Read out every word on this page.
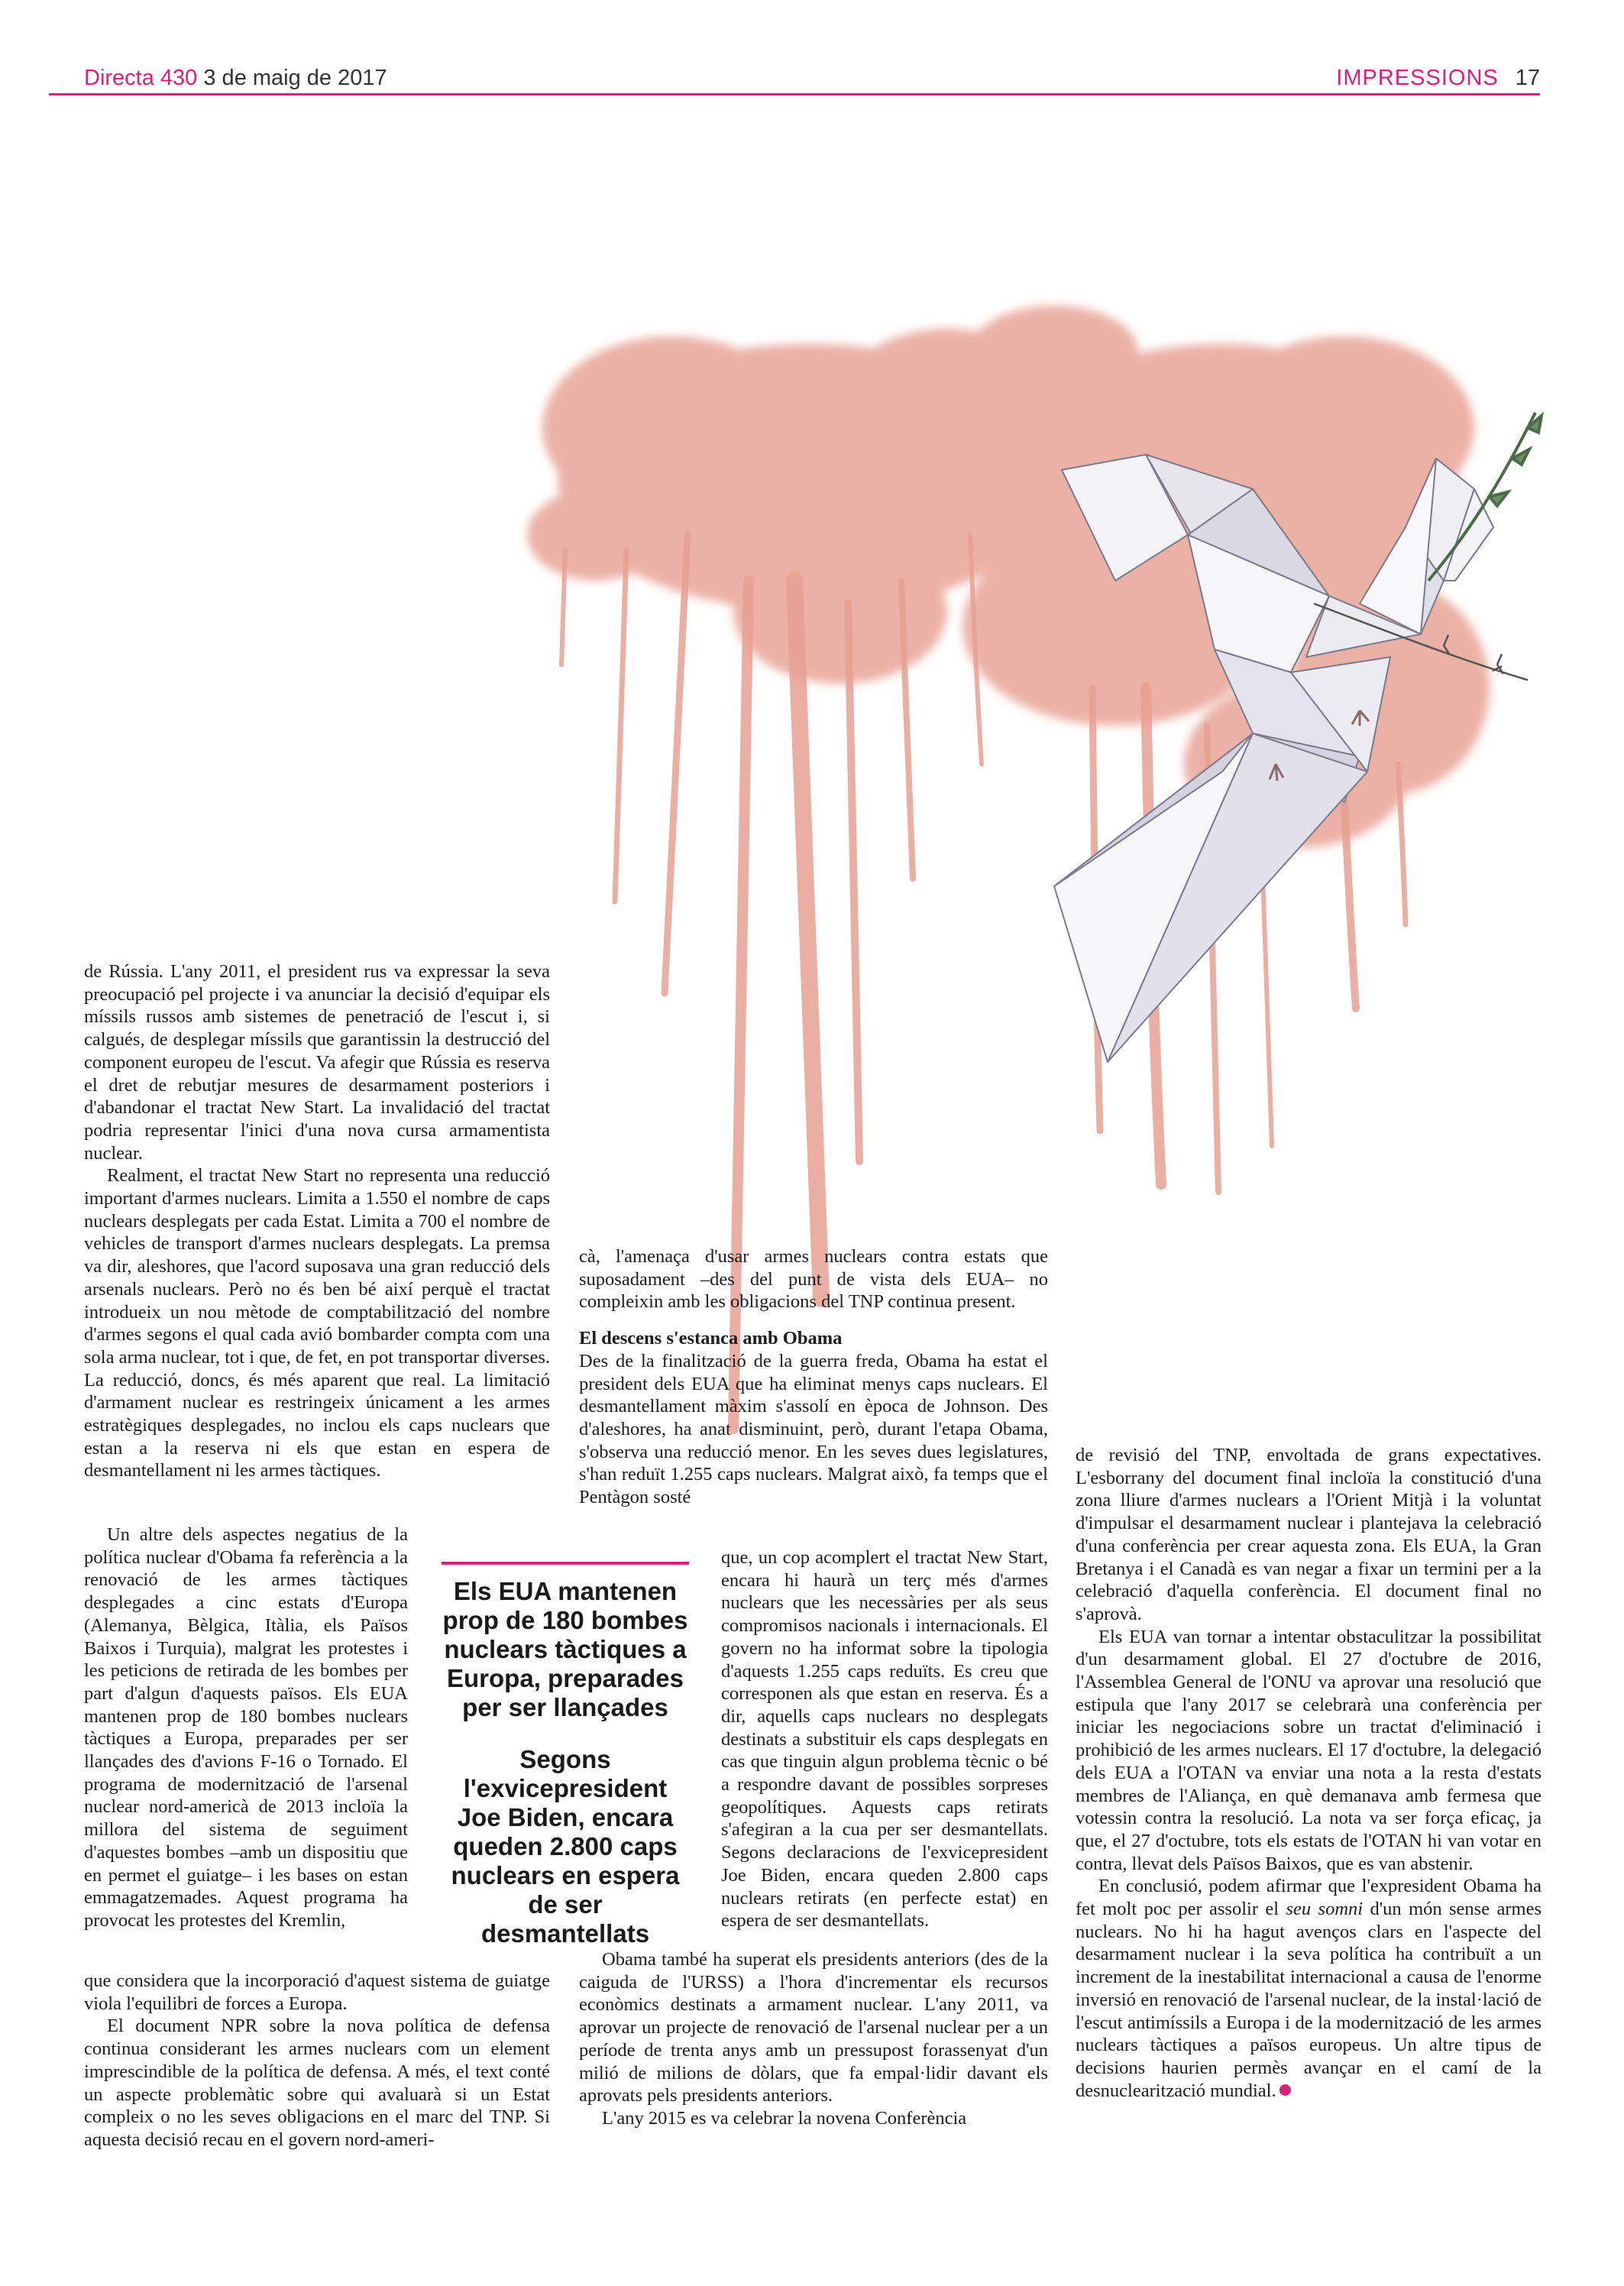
Directa 430 3 de maig de 2017	IMPRESSIONS 17

de Rússia. L'any 2011, el president rus va expressar la seva preocupació pel projecte i va anunciar la decisió d'equipar els míssils russos amb sistemes de penetració de l'escut i, si calgués, de desplegar míssils que garantissin la destrucció del component europeu de l'escut. Va afegir que Rússia es reserva el dret de rebutjar mesures de desarmament posteriors i d'abandonar el tractat New Start. La invalidació del tractat podria representar l'inici d'una nova cursa armamentista nuclear.

Realment, el tractat New Start no representa una reducció important d'armes nuclears. Limita a 1.550 el nombre de caps nuclears desplegats per cada Estat. Limita a 700 el nombre de vehicles de transport d'armes nuclears desplegats. La premsa va dir, aleshores, que l'acord suposava una gran reducció dels arsenals nuclears. Però no és ben bé així perquè el tractat introdueix un nou mètode de comptabilització del nombre d'armes segons el qual cada avió bombarder compta com una sola arma nuclear, tot i que, de fet, en pot transportar diverses. La reducció, doncs, és més aparent que real. La limitació d'armament nuclear es restringeix únicament a les armes estratègiques desplegades, no inclou els caps nuclears que estan a la reserva ni els que estan en espera de desmantellament ni les armes tàctiques.

Un altre dels aspectes negatius de la política nuclear d'Obama fa referència a la renovació de les armes tàctiques desplegades a cinc estats d'Europa (Alemanya, Bèlgica, Itàlia, els Països Baixos i Turquia), malgrat les protestes i les peticions de retirada de les bombes per part d'algun d'aquests països. Els EUA mantenen prop de 180 bombes nuclears tàctiques a Europa, preparades per ser llançades des d'avions F-16 o Tornado. El programa de modernització de l'arsenal nuclear nord-americà de 2013 incloïa la millora del sistema de seguiment d'aquestes bombes –amb un dispositiu que en permet el guiatge– i les bases on estan emmagatzemades. Aquest programa ha provocat les protestes del Kremlin,

que considera que la incorporació d'aquest sistema de guiatge viola l'equilibri de forces a Europa.

El document NPR sobre la nova política de defensa continua considerant les armes nuclears com un element imprescindible de la política de defensa. A més, el text conté un aspecte problemàtic sobre qui avaluarà si un Estat compleix o no les seves obligacions en el marc del TNP. Si aquesta decisió recau en el govern nord-ameri-

Els EUA mantenen prop de 180 bombes nuclears tàctiques a Europa, preparades per ser llançades
Segons l'exvicepresident Joe Biden, encara queden 2.800 caps nuclears en espera de ser desmantellats

cà, l'amenaça d'usar armes nuclears contra estats que suposadament –des del punt de vista dels EUA– no compleixin amb les obligacions del TNP continua present.

El descens s'estanca amb Obama

Des de la finalització de la guerra freda, Obama ha estat el president dels EUA que ha eliminat menys caps nuclears. El desmantellament màxim s'assolí en època de Johnson. Des d'aleshores, ha anat disminuint, però, durant l'etapa Obama, s'observa una reducció menor. En les seves dues legislatures, s'han reduït 1.255 caps nuclears. Malgrat això, fa temps que el Pentàgon sosté

que, un cop acomplert el tractat New Start, encara hi haurà un terç més d'armes nuclears que les necessàries per als seus compromisos nacionals i internacionals. El govern no ha informat sobre la tipologia d'aquests 1.255 caps reduïts. Es creu que corresponen als que estan en reserva. És a dir, aquells caps nuclears no desplegats destinats a substituir els caps desplegats en cas que tinguin algun problema tècnic o bé a respondre davant de possibles sorpreses geopolítiques. Aquests caps retirats s'afegiran a la cua per ser desmantellats. Segons declaracions de l'exvicepresident Joe Biden, encara queden 2.800 caps nuclears retirats (en perfecte estat) en espera de ser desmantellats.

Obama també ha superat els presidents anteriors (des de la caiguda de l'URSS) a l'hora d'incrementar els recursos econòmics destinats a armament nuclear. L'any 2011, va aprovar un projecte de renovació de l'arsenal nuclear per a un període de trenta anys amb un pressupost forassenyat d'un milió de milions de dòlars, que fa empal·lidir davant els aprovats pels presidents anteriors.

L'any 2015 es va celebrar la novena Conferència

de revisió del TNP, envoltada de grans expectatives. L'esborrany del document final incloïa la constitució d'una zona lliure d'armes nuclears a l'Orient Mitjà i la voluntat d'impulsar el desarmament nuclear i plantejava la celebració d'una conferència per crear aquesta zona. Els EUA, la Gran Bretanya i el Canadà es van negar a fixar un termini per a la celebració d'aquella conferència. El document final no s'aprovà.

Els EUA van tornar a intentar obstaculitzar la possibilitat d'un desarmament global. El 27 d'octubre de 2016, l'Assemblea General de l'ONU va aprovar una resolució que estipula que l'any 2017 se celebrarà una conferència per iniciar les negociacions sobre un tractat d'eliminació i prohibició de les armes nuclears. El 17 d'octubre, la delegació dels EUA a l'OTAN va enviar una nota a la resta d'estats membres de l'Aliança, en què demanava amb fermesa que votessin contra la resolució. La nota va ser força eficaç, ja que, el 27 d'octubre, tots els estats de l'OTAN hi van votar en contra, llevat dels Països Baixos, que es van abstenir.

En conclusió, podem afirmar que l'expresident Obama ha fet molt poc per assolir el seu somni d'un món sense armes nuclears. No hi ha hagut avenços clars en l'aspecte del desarmament nuclear i la seva política ha contribuït a un increment de la inestabilitat internacional a causa de l'enorme inversió en renovació de l'arsenal nuclear, de la instal·lació de l'escut antimíssils a Europa i de la modernització de les armes nuclears tàctiques a països europeus. Un altre tipus de decisions haurien permès avançar en el camí de la desnuclearització mundial.
